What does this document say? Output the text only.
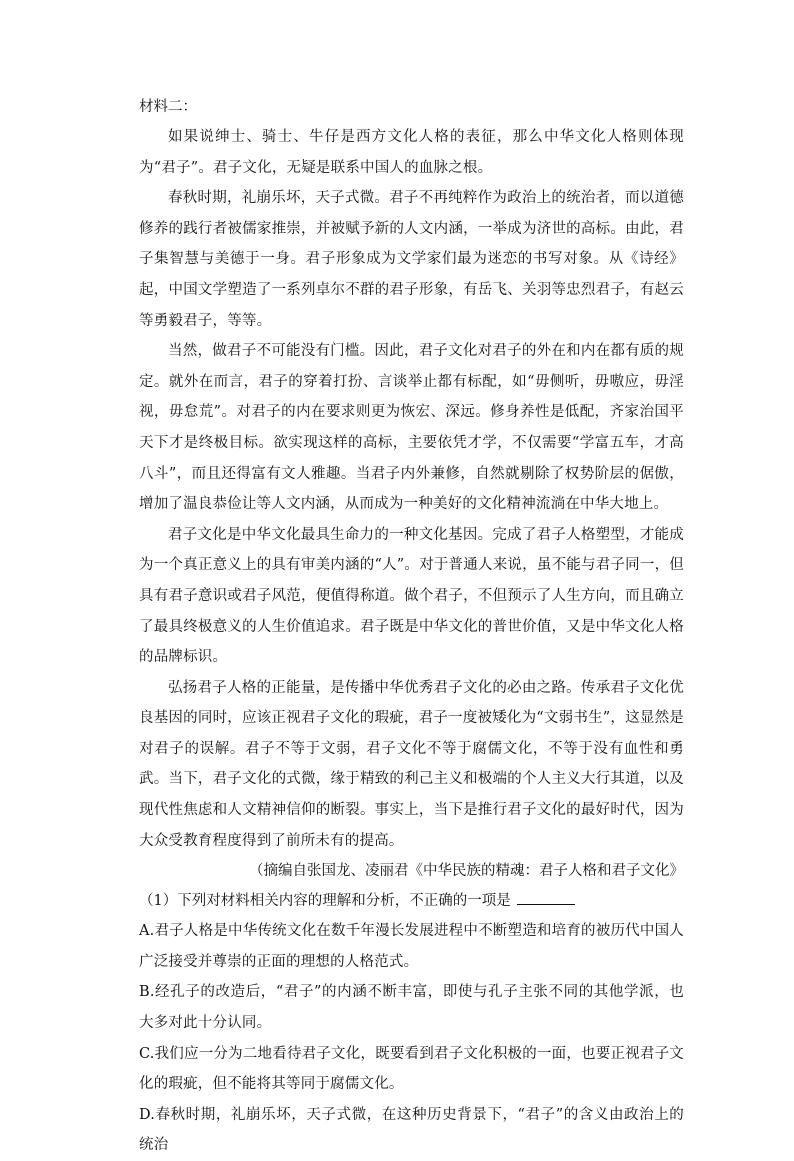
材料二：

如果说绅士、骑士、牛仔是西方文化人格的表征，那么中华文化人格则体现为“君子”。君子文化，无疑是联系中国人的血脉之根。

春秋时期，礼崩乐坏，天子式微。君子不再纯粹作为政治上的统治者，而以道德修养的践行者被儒家推崇，并被赋予新的人文内涵，一举成为济世的高标。由此，君子集智慧与美德于一身。君子形象成为文学家们最为迷恋的书写对象。从《诗经》起，中国文学塑造了一系列卓尔不群的君子形象，有岳飞、关羽等忠烈君子，有赵云等勇毅君子，等等。

当然，做君子不可能没有门槛。因此，君子文化对君子的外在和内在都有质的规定。就外在而言，君子的穿着打扮、言谈举止都有标配，如“毋侧听，毋嗷应，毋淫视，毋怠荒”。对君子的内在要求则更为恢宏、深远。修身养性是低配，齐家治国平天下才是终极目标。欲实现这样的高标，主要依凭才学，不仅需要“学富五车，才高八斗”，而且还得富有文人雅趣。当君子内外兼修，自然就剔除了权势阶层的倨傲，增加了温良恭俭让等人文内涵，从而成为一种美好的文化精神流淌在中华大地上。

君子文化是中华文化最具生命力的一种文化基因。完成了君子人格塑型，才能成为一个真正意义上的具有审美内涵的“人”。对于普通人来说，虽不能与君子同一，但具有君子意识或君子风范，便值得称道。做个君子，不但预示了人生方向，而且确立了最具终极意义的人生价值追求。君子既是中华文化的普世价值，又是中华文化人格的品牌标识。

弘扬君子人格的正能量，是传播中华优秀君子文化的必由之路。传承君子文化优良基因的同时，应该正视君子文化的瑕疵，君子一度被矮化为“文弱书生”，这显然是对君子的误解。君子不等于文弱，君子文化不等于腐儒文化，不等于没有血性和勇武。当下，君子文化的式微，缘于精致的利己主义和极端的个人主义大行其道，以及现代性焦虑和人文精神信仰的断裂。事实上，当下是推行君子文化的最好时代，因为大众受教育程度得到了前所未有的提高。

（摘编自张国龙、凌丽君《中华民族的精魂：君子人格和君子文化》

（1）下列对材料相关内容的理解和分析，不正确的一项是

A.君子人格是中华传统文化在数千年漫长发展进程中不断塑造和培育的被历代中国人广泛接受并尊崇的正面的理想的人格范式。

B.经孔子的改造后，“君子”的内涵不断丰富，即使与孔子主张不同的其他学派，也大多对此十分认同。

C.我们应一分为二地看待君子文化，既要看到君子文化积极的一面，也要正视君子文化的瑕疵，但不能将其等同于腐儒文化。

D.春秋时期，礼崩乐坏，天子式微，在这种历史背景下，“君子”的含义由政治上的统治
